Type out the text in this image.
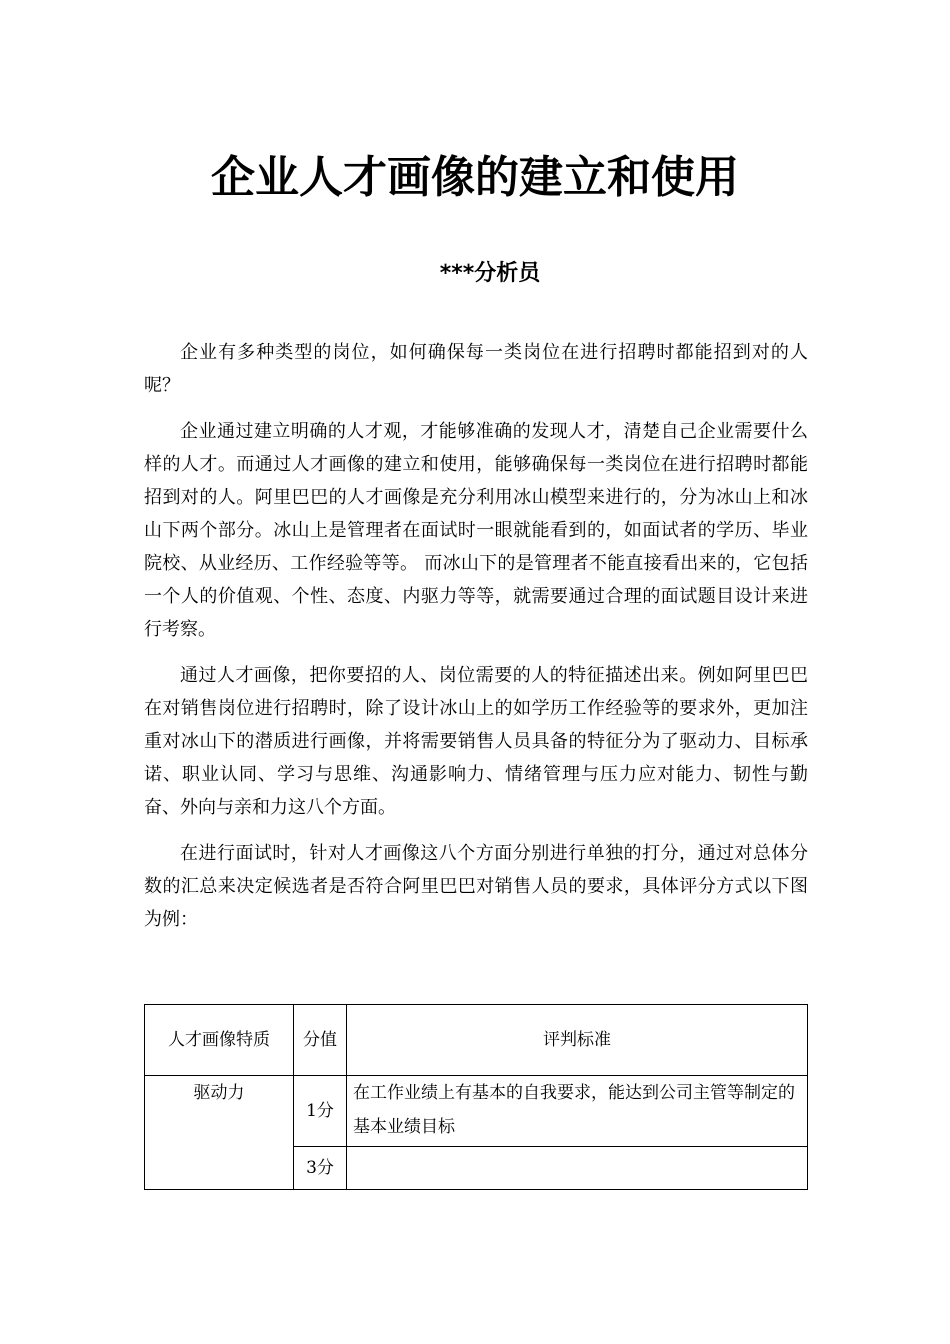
企业人才画像的建立和使用
***分析员

企业有多种类型的岗位，如何确保每一类岗位在进行招聘时都能招到对的人呢？

企业通过建立明确的人才观，才能够准确的发现人才，清楚自己企业需要什么样的人才。而通过人才画像的建立和使用，能够确保每一类岗位在进行招聘时都能招到对的人。阿里巴巴的人才画像是充分利用冰山模型来进行的，分为冰山上和冰山下两个部分。冰山上是管理者在面试时一眼就能看到的，如面试者的学历、毕业院校、从业经历、工作经验等等。 而冰山下的是管理者不能直接看出来的，它包括一个人的价值观、个性、态度、内驱力等等，就需要通过合理的面试题目设计来进行考察。

通过人才画像，把你要招的人、岗位需要的人的特征描述出来。例如阿里巴巴在对销售岗位进行招聘时，除了设计冰山上的如学历工作经验等的要求外，更加注重对冰山下的潜质进行画像，并将需要销售人员具备的特征分为了驱动力、目标承诺、职业认同、学习与思维、沟通影响力、情绪管理与压力应对能力、韧性与勤奋、外向与亲和力这八个方面。

在进行面试时，针对人才画像这八个方面分别进行单独的打分，通过对总体分数的汇总来决定候选者是否符合阿里巴巴对销售人员的要求，具体评分方式以下图为例：

人才画像特质	分值	评判标准
驱动力	1分	在工作业绩上有基本的自我要求，能达到公司主管等制定的基本业绩目标
	3分	
